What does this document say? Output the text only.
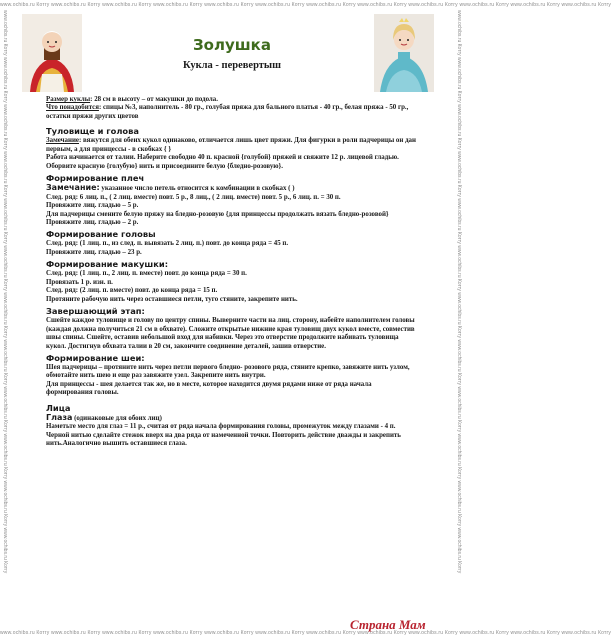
www.ochibs.ru Котry www.ochibs.ru Котry www.ochibs.ru Котry www.ochibs.ru Котry www.ochibs.ru Котry www.ochibs.ru Котry www.ochibs.ru Котry www.ochibs.ru Котry www.ochibs.ru Котry www.ochibs.ru Котry www.ochibs.ru Котry www.ochibs.ru Котry
www.ochibs.ru Котry www.ochibs.ru Котry www.ochibs.ru Котry www.ochibs.ru Котry www.ochibs.ru Котry www.ochibs.ru Котry www.ochibs.ru Котry www.ochibs.ru Котry www.ochibs.ru Котry www.ochibs.ru Котry www.ochibs.ru Котry www.ochibs.ru Котry
www.ochibs.ru Котry www.ochibs.ru Котry www.ochibs.ru Котry www.ochibs.ru Котry www.ochibs.ru Котry www.ochibs.ru Котry www.ochibs.ru Котry www.ochibs.ru Котry www.ochibs.ru Котry www.ochibs.ru Котry www.ochibs.ru Котry www.ochibs.ru Котry	www.ochibs.ru Котry www.ochibs.ru Котry www.ochibs.ru Котry www.ochibs.ru Котry www.ochibs.ru Котry www.ochibs.ru Котry www.ochibs.ru Котry www.ochibs.ru Котry www.ochibs.ru Котry www.ochibs.ru Котry www.ochibs.ru Котry www.ochibs.ru Котry
Золушка
Кукла - перевертыш

Размер куклы: 28 см в высоту – от макушки до подола.

Что понадобится: спицы №3, наполнитель - 80 гр., голубая пряжа для бального платья - 40 гр., белая пряжа - 50 гр., остатки пряжи других цветов

Туловище и голова

Замечание: вяжутся для обеих кукол одинаково, отличается лишь цвет пряжи. Для фигурки в роли падчерицы он дан первым, а для принцессы - в скобках { }

Работа начинается от талии. Наберите свободно 40 п. красной {голубой} пряжей и свяжите 12 р. лицевой гладью.

Оборвите красную {голубую} нить и присоедините белую {бледно-розовую}.

Формирование плеч

Замечание: указанное число петель относится к комбинации в скобках ( )

След. ряд: 6 лиц. п., ( 2 лиц. вместе) повт. 5 р., 8 лиц., ( 2 лиц. вместе) повт. 5 р., 6 лиц. п. = 30 п.

Провяжите лиц. гладью – 5 р.

Для падчерицы смените белую пряжу на бледно-розовую {для принцессы продолжать вязать бледно-розовой}

Провяжите лиц. гладью – 2 р.

Формирование головы

След. ряд: (1 лиц. п., из след. п. вывязать 2 лиц. п.) повт. до конца ряда = 45 п.

Провяжите лиц. гладью – 23 р.

Формирование макушки:

След. ряд: (1 лиц. п., 2 лиц. п. вместе) повт. до конца ряда = 30 п.

Провязать 1 р. изн. п.

След. ряд: (2 лиц. п. вместе) повт. до конца ряда = 15 п.

Протяните рабочую нить через оставшиеся петли, туго стяните, закрепите нить.

Завершающий этап:

Сшейте каждое туловище и голову по центру спины. Выверните части на лиц. сторону, набейте наполнителем головы (каждая должна получиться 21 см в обхвате). Сложите открытые нижние края туловищ двух кукол вместе, совместив швы спины. Сшейте, оставив небольшой вход для набивки. Через это отверстие продолжите набивать туловища кукол. Достигнув обхвата талии в 20 см, закончите соединение деталей, зашив отверстие.

Формирование шеи:

Шея падчерицы – протяните нить через петли первого бледно- розового ряда, стяните крепко, завяжите нить узлом, обмотайте нить шею и еще раз завяжите узел. Закрепите нить внутри.

Для принцессы - шея делается так же, но в месте, которое находится двумя рядами ниже от ряда начала формирования головы.

Лица

Глаза (одинаковые для обоих лиц)

Наметьте место для глаз = 11 р., считая от ряда начала формирования головы, промежуток между глазами - 4 п.

Черной нитью сделайте стежок вверх на два ряда от намеченной точки. Повторить действие дважды и закрепить нить.Аналогично вышить оставшиеся глаза.

Страна Мам
